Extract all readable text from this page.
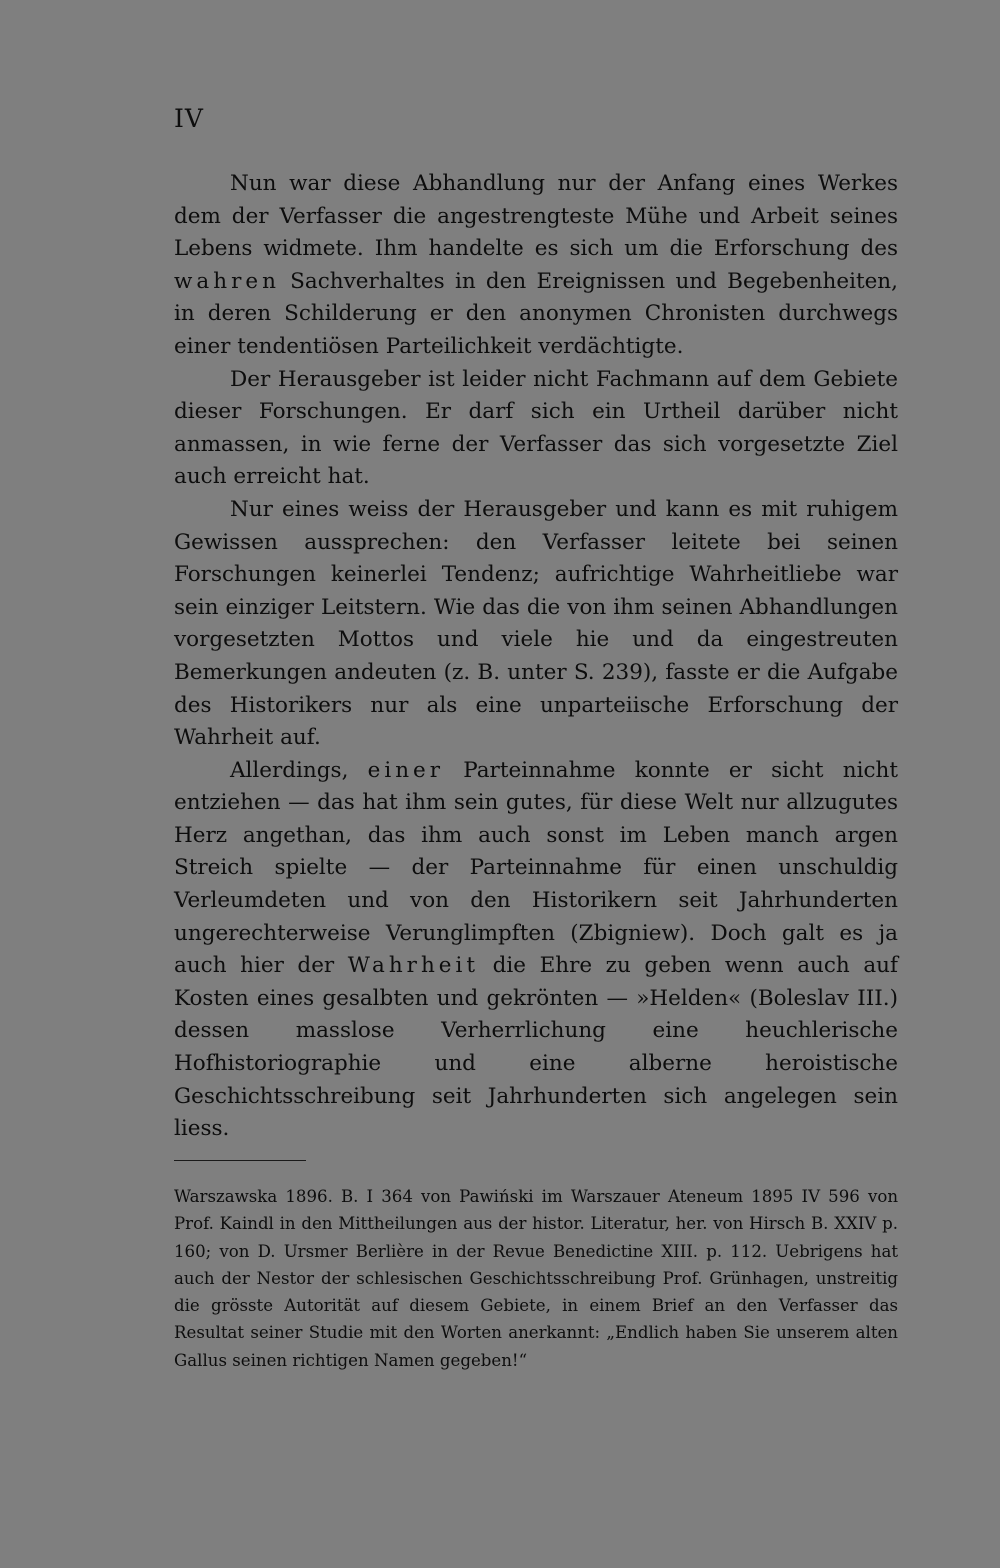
IV

Nun war diese Abhandlung nur der Anfang eines Werkes dem der Verfasser die angestrengteste Mühe und Arbeit seines Lebens widmete. Ihm handelte es sich um die Erforschung des wahren Sachverhaltes in den Ereignissen und Begebenheiten, in deren Schilderung er den anonymen Chronisten durchwegs einer tendentiösen Parteilichkeit verdächtigte.

Der Herausgeber ist leider nicht Fachmann auf dem Gebiete dieser Forschungen. Er darf sich ein Urtheil darüber nicht anmassen, in wie ferne der Verfasser das sich vorgesetzte Ziel auch erreicht hat.

Nur eines weiss der Herausgeber und kann es mit ruhigem Gewissen aussprechen: den Verfasser leitete bei seinen Forschungen keinerlei Tendenz; aufrichtige Wahrheitliebe war sein einziger Leitstern. Wie das die von ihm seinen Abhandlungen vorgesetzten Mottos und viele hie und da eingestreuten Bemerkungen andeuten (z. B. unter S. 239), fasste er die Aufgabe des Historikers nur als eine unparteiische Erforschung der Wahrheit auf.

Allerdings, einer Parteinnahme konnte er sicht nicht entziehen — das hat ihm sein gutes, für diese Welt nur allzugutes Herz angethan, das ihm auch sonst im Leben manch argen Streich spielte — der Parteinnahme für einen unschuldig Verleumdeten und von den Historikern seit Jahrhunderten ungerechterweise Verunglimpften (Zbigniew). Doch galt es ja auch hier der Wahrheit die Ehre zu geben wenn auch auf Kosten eines gesalbten und gekrönten — »Helden« (Boleslav III.) dessen masslose Verherrlichung eine heuchlerische Hofhistoriographie und eine alberne heroistische Geschichtsschreibung seit Jahrhunderten sich angelegen sein liess.

Warszawska 1896. B. I 364 von Pawiński im Warszauer Ateneum 1895 IV 596 von Prof. Kaindl in den Mittheilungen aus der histor. Literatur, her. von Hirsch B. XXIV p. 160; von D. Ursmer Berlière in der Revue Benedictine XIII. p. 112. Uebrigens hat auch der Nestor der schlesischen Geschichtsschreibung Prof. Grünhagen, unstreitig die grösste Autorität auf diesem Gebiete, in einem Brief an den Verfasser das Resultat seiner Studie mit den Worten anerkannt: „Endlich haben Sie unserem alten Gallus seinen richtigen Namen gegeben!“
